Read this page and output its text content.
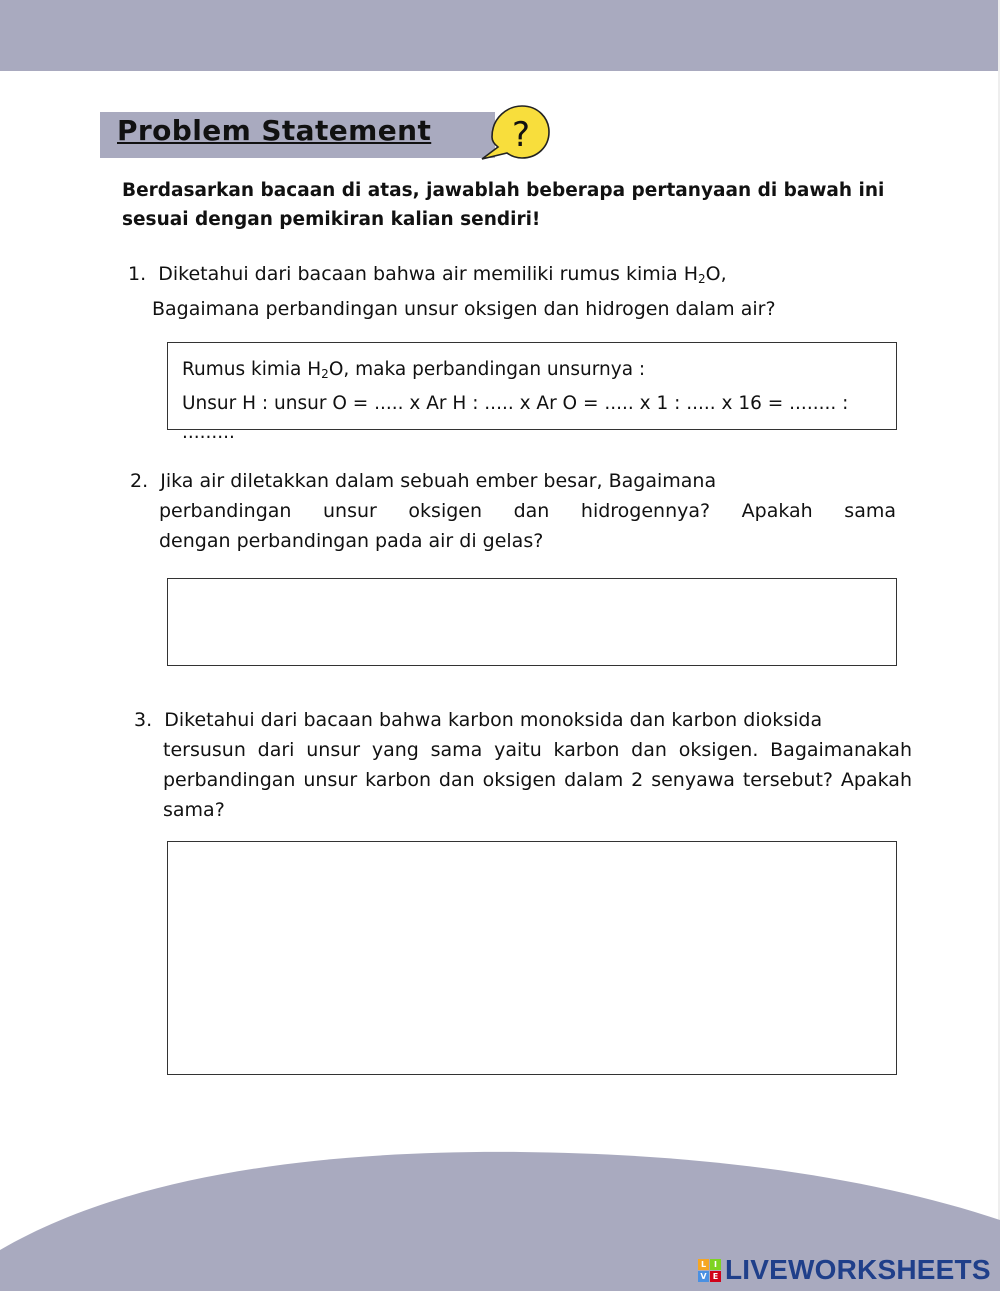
Problem Statement ?
Berdasarkan bacaan di atas, jawablah beberapa pertanyaan di bawah ini sesuai dengan pemikiran kalian sendiri!
1. Diketahui dari bacaan bahwa air memiliki rumus kimia $H_2O$,
Bagaimana perbandingan unsur oksigen dan hidrogen dalam air?
Rumus kimia $H_2O$, maka perbandingan unsurnya :
Unsur H : unsur O = ..... x Ar H : ..... x Ar O = ..... x 1 : ..... x 16 = ........ : .........
2. Jika air diletakkan dalam sebuah ember besar, Bagaimana
perbandingan unsur oksigen dan hidrogennya? Apakah sama
dengan perbandingan pada air di gelas?
3. Diketahui dari bacaan bahwa karbon monoksida dan karbon dioksida
tersusun dari unsur yang sama yaitu karbon dan oksigen. Bagaimanakah perbandingan unsur karbon dan oksigen dalam 2 senyawa tersebut? Apakah sama?
L I
V E LIVEWORKSHEETS
